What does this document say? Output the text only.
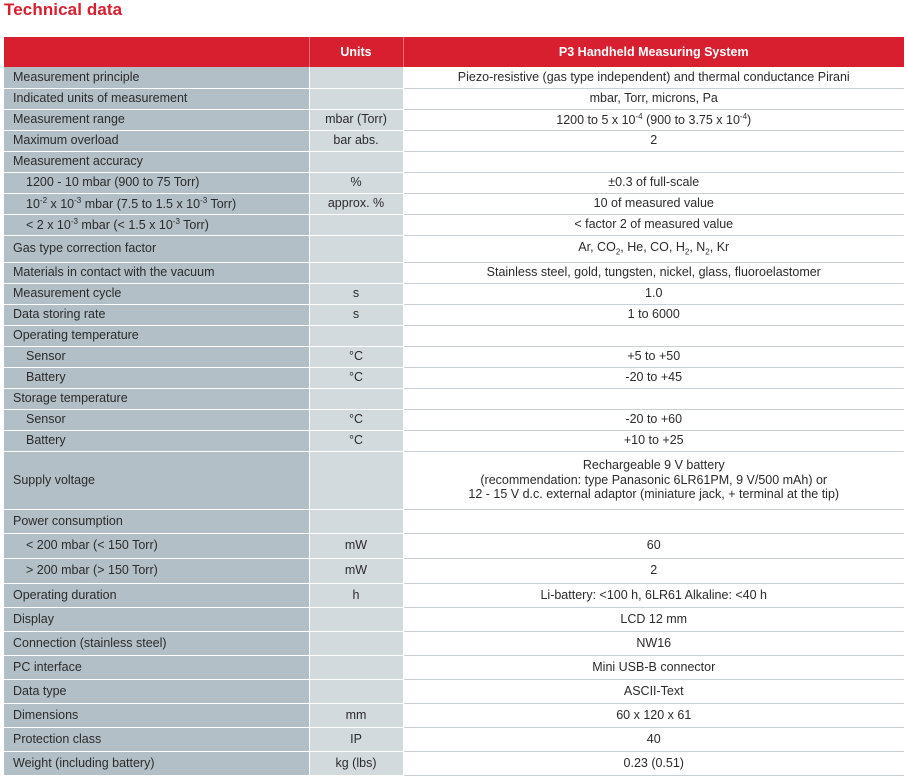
Technical data
	Units	P3 Handheld Measuring System
Measurement principle		Piezo-resistive (gas type independent) and thermal conductance Pirani
Indicated units of measurement		mbar, Torr, microns, Pa
Measurement range	mbar (Torr)	1200 to 5 x $10^{-4}$ (900 to 3.75 x $10^{-4}$)
Maximum overload	bar abs.	2
Measurement accuracy		
1200 - 10 mbar (900 to 75 Torr)	%	±0.3 of full-scale
$10^{-2}$ x $10^{-3}$ mbar (7.5 to 1.5 x $10^{-3}$ Torr)	approx. %	10 of measured value
< 2 x $10^{-3}$ mbar (< 1.5 x $10^{-3}$ Torr)		< factor 2 of measured value
Gas type correction factor		Ar, $CO_2$, He, CO, $H_2$, $N_2$, Kr
Materials in contact with the vacuum		Stainless steel, gold, tungsten, nickel, glass, fluoroelastomer
Measurement cycle	s	1.0
Data storing rate	s	1 to 6000
Operating temperature		
Sensor	°C	+5 to +50
Battery	°C	-20 to +45
Storage temperature		
Sensor	°C	-20 to +60
Battery	°C	+10 to +25
Supply voltage		Rechargeable 9 V battery
(recommendation: type Panasonic 6LR61PM, 9 V/500 mAh) or
12 - 15 V d.c. external adaptor (miniature jack, + terminal at the tip)
Power consumption		
< 200 mbar (< 150 Torr)	mW	60
> 200 mbar (> 150 Torr)	mW	2
Operating duration	h	Li-battery: <100 h, 6LR61 Alkaline: <40 h
Display		LCD 12 mm
Connection (stainless steel)		NW16
PC interface		Mini USB-B connector
Data type		ASCII-Text
Dimensions	mm	60 x 120 x 61
Protection class	IP	40
Weight (including battery)	kg (lbs)	0.23 (0.51)
